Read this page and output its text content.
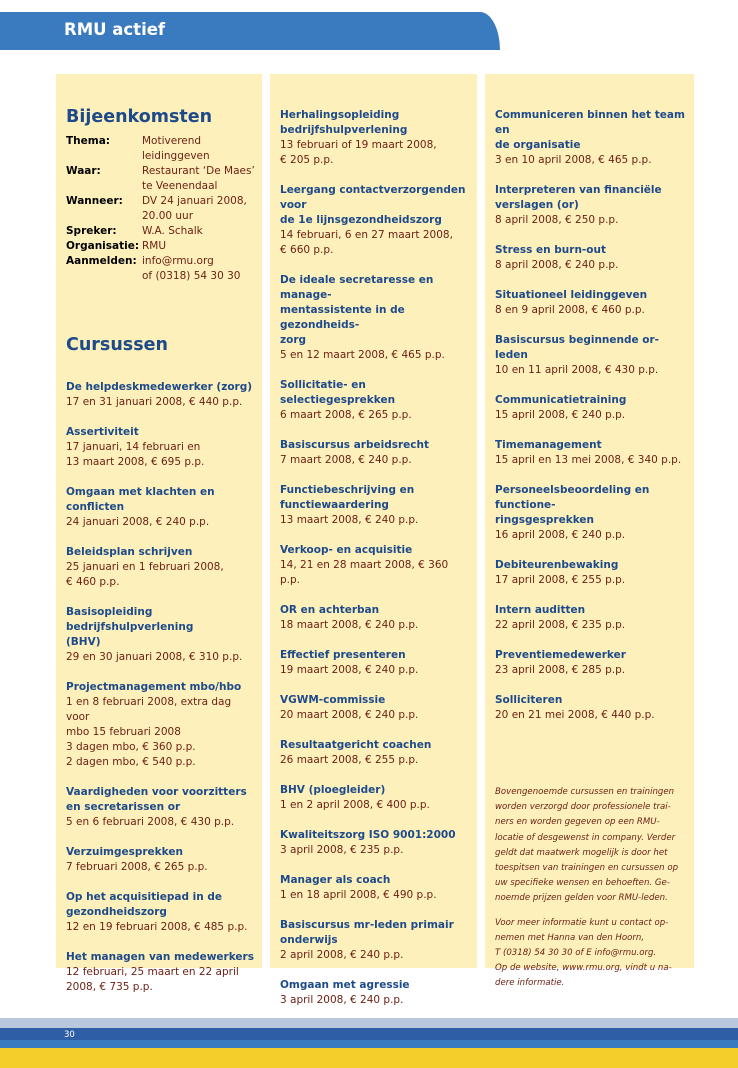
RMU actief
Bijeenkomsten
Thema:	Motiverend
	leidinggeven
Waar:	Restaurant ‘De Maes’
	te Veenendaal
Wanneer:	DV 24 januari 2008,
	20.00 uur
Spreker:	W.A. Schalk
Organisatie:	RMU
Aanmelden:	info@rmu.org
	of (0318) 54 30 30
Cursussen
De helpdeskmedewerker (zorg)
17 en 31 januari 2008, € 440 p.p.
Assertiviteit
17 januari, 14 februari en
13 maart 2008, € 695 p.p.
Omgaan met klachten en conflicten
24 januari 2008, € 240 p.p.
Beleidsplan schrijven
25 januari en 1 februari 2008,
€ 460 p.p.
Basisopleiding bedrijfshulpverlening
(BHV)
29 en 30 januari 2008, € 310 p.p.
Projectmanagement mbo/hbo
1 en 8 februari 2008, extra dag voor
mbo 15 februari 2008
3 dagen mbo, € 360 p.p.
2 dagen mbo, € 540 p.p.
Vaardigheden voor voorzitters
en secretarissen or
5 en 6 februari 2008, € 430 p.p.
Verzuimgesprekken
7 februari 2008, € 265 p.p.
Op het acquisitiepad in de
gezondheidszorg
12 en 19 februari 2008, € 485 p.p.
Het managen van medewerkers
12 februari, 25 maart en 22 april
2008, € 735 p.p.
Herhalingsopleiding
bedrijfshulpverlening
13 februari of 19 maart 2008,
€ 205 p.p.
Leergang contactverzorgenden voor
de 1e lijnsgezondheidszorg
14 februari, 6 en 27 maart 2008,
€ 660 p.p.
De ideale secretaresse en manage-
mentassistente in de gezondheids-
zorg
5 en 12 maart 2008, € 465 p.p.
Sollicitatie- en selectiegesprekken
6 maart 2008, € 265 p.p.
Basiscursus arbeidsrecht
7 maart 2008, € 240 p.p.
Functiebeschrijving en
functiewaardering
13 maart 2008, € 240 p.p.
Verkoop- en acquisitie
14, 21 en 28 maart 2008, € 360 p.p.
OR en achterban
18 maart 2008, € 240 p.p.
Effectief presenteren
19 maart 2008, € 240 p.p.
VGWM-commissie
20 maart 2008, € 240 p.p.
Resultaatgericht coachen
26 maart 2008, € 255 p.p.
BHV (ploegleider)
1 en 2 april 2008, € 400 p.p.
Kwaliteitszorg ISO 9001:2000
3 april 2008, € 235 p.p.
Manager als coach
1 en 18 april 2008, € 490 p.p.
Basiscursus mr-leden primair
onderwijs
2 april 2008, € 240 p.p.
Omgaan met agressie
3 april 2008, € 240 p.p.
Communiceren binnen het team en
de organisatie
3 en 10 april 2008, € 465 p.p.
Interpreteren van financiële
verslagen (or)
8 april 2008, € 250 p.p.
Stress en burn-out
8 april 2008, € 240 p.p.
Situationeel leidinggeven
8 en 9 april 2008, € 460 p.p.
Basiscursus beginnende or-leden
10 en 11 april 2008, € 430 p.p.
Communicatietraining
15 april 2008, € 240 p.p.
Timemanagement
15 april en 13 mei 2008, € 340 p.p.
Personeelsbeoordeling en functione-
ringsgesprekken
16 april 2008, € 240 p.p.
Debiteurenbewaking
17 april 2008, € 255 p.p.
Intern auditten
22 april 2008, € 235 p.p.
Preventiemedewerker
23 april 2008, € 285 p.p.
Solliciteren
20 en 21 mei 2008, € 440 p.p.

Bovengenoemde cursussen en trainingen
worden verzorgd door professionele trai-
ners en worden gegeven op een RMU-
locatie of desgewenst in company. Verder
geldt dat maatwerk mogelijk is door het
toespitsen van trainingen en cursussen op
uw specifieke wensen en behoeften. Ge-
noemde prijzen gelden voor RMU-leden.

Voor meer informatie kunt u contact op-
nemen met Hanna van den Hoorn,
T (0318) 54 30 30 of E info@rmu.org.
Op de website, www.rmu.org, vindt u na-
dere informatie.

30
